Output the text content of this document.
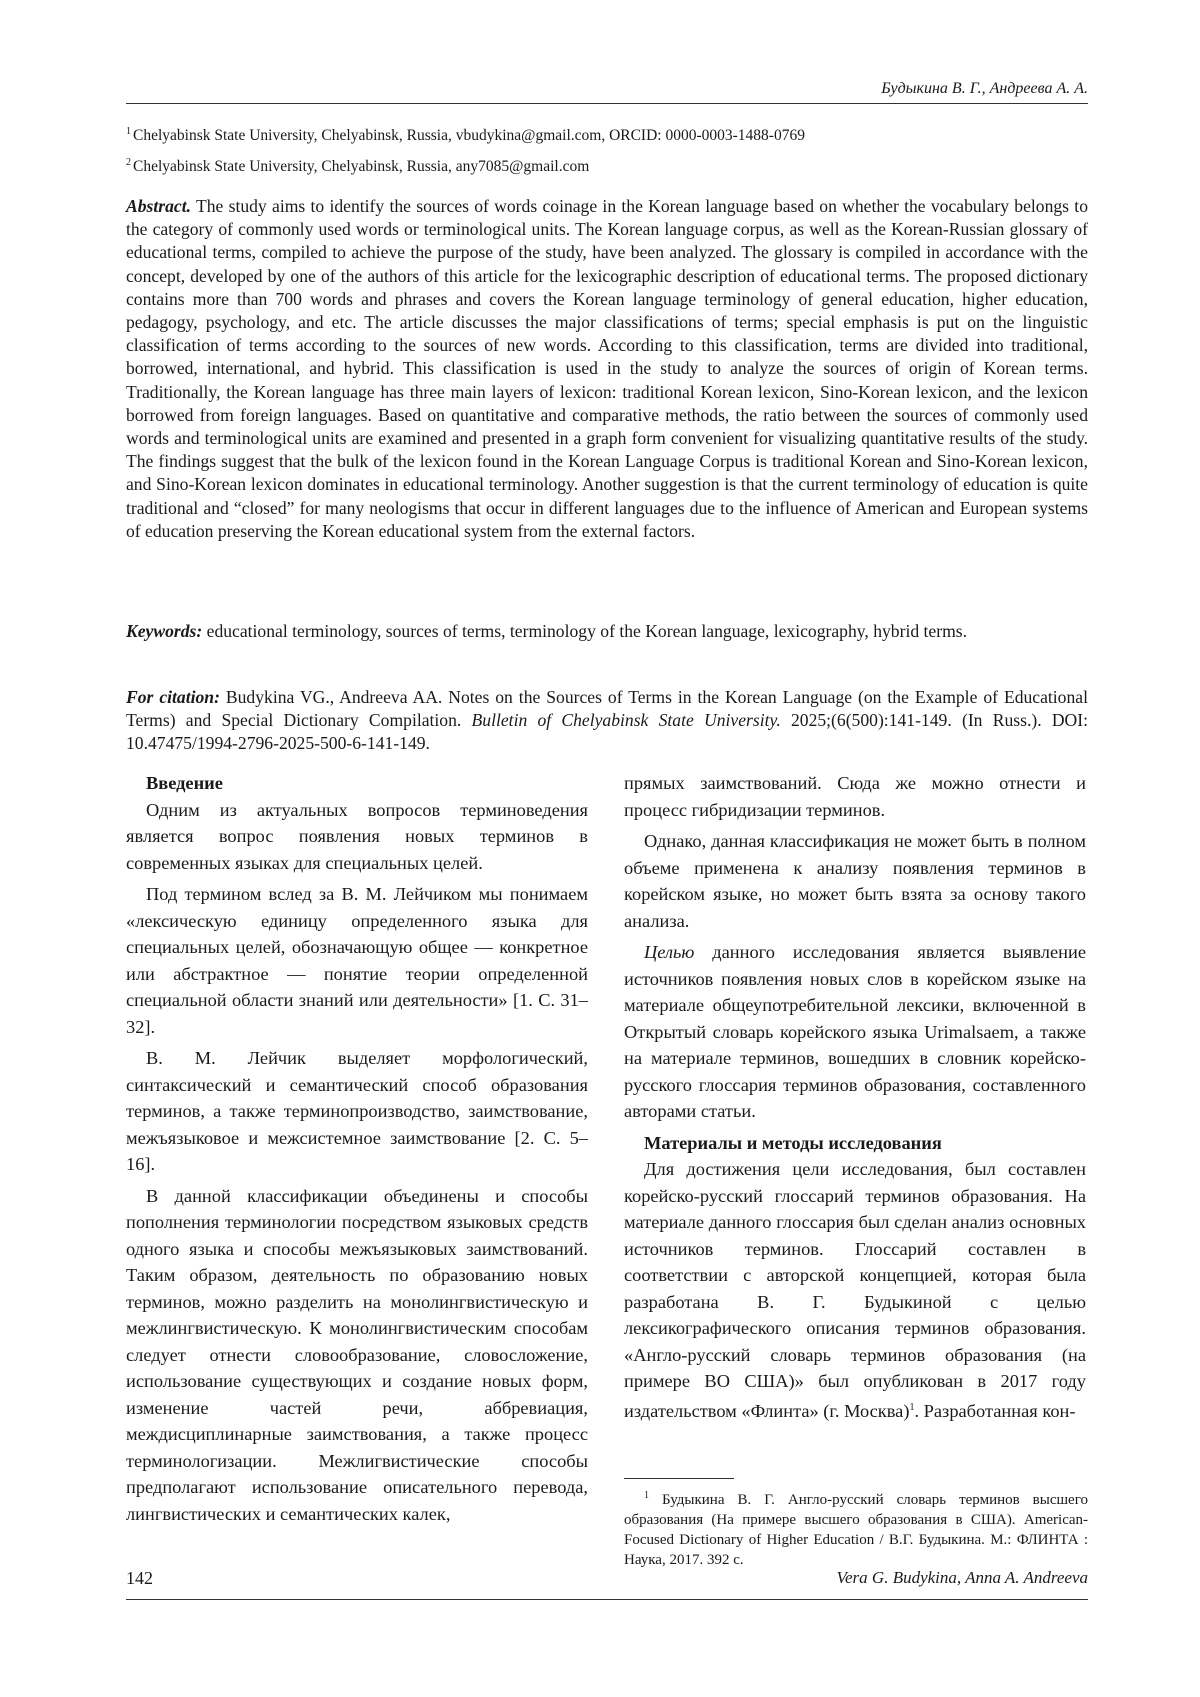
Будыкина В. Г., Андреева А. А.
$^1$ Chelyabinsk State University, Chelyabinsk, Russia, vbudykina@gmail.com, ORCID: 0000-0003-1488-0769
$^2$ Chelyabinsk State University, Chelyabinsk, Russia, any7085@gmail.com

Abstract. The study aims to identify the sources of words coinage in the Korean language based on whether the vocabulary belongs to the category of commonly used words or terminological units. The Korean language corpus, as well as the Korean-Russian glossary of educational terms, compiled to achieve the purpose of the study, have been analyzed. The glossary is compiled in accordance with the concept, developed by one of the authors of this article for the lexicographic description of educational terms. The proposed dictionary contains more than 700 words and phrases and covers the Korean language terminology of general education, higher education, pedagogy, psychology, and etc. The article discusses the major classifications of terms; special emphasis is put on the linguistic classification of terms according to the sources of new words. According to this classification, terms are divided into traditional, borrowed, international, and hybrid. This classification is used in the study to analyze the sources of origin of Korean terms. Traditionally, the Korean language has three main layers of lexicon: traditional Korean lexicon, Sino-Korean lexicon, and the lexicon borrowed from foreign languages. Based on quantitative and comparative methods, the ratio between the sources of commonly used words and terminological units are examined and presented in a graph form convenient for visualizing quantitative results of the study. The findings suggest that the bulk of the lexicon found in the Korean Language Corpus is traditional Korean and Sino-Korean lexicon, and Sino-Korean lexicon dominates in educational terminology. Another suggestion is that the current terminology of education is quite traditional and “closed” for many neologisms that occur in different languages due to the influence of American and European systems of education preserving the Korean educational system from the external factors.

Keywords: educational terminology, sources of terms, terminology of the Korean language, lexicography, hybrid terms.

For citation: Budykina VG., Andreeva AA. Notes on the Sources of Terms in the Korean Language (on the Example of Educational Terms) and Special Dictionary Compilation. Bulletin of Chelyabinsk State University. 2025;(6(500):141-149. (In Russ.). DOI: 10.47475/1994-2796-2025-500-6-141-149.

Введение

Одним из актуальных вопросов терминоведения является вопрос появления новых терминов в современных языках для специальных целей.

Под термином вслед за В. М. Лейчиком мы понимаем «лексическую единицу определенного языка для специальных целей, обозначающую общее — конкретное или абстрактное — понятие теории определенной специальной области знаний или деятельности» [1. С. 31–32].

В. М. Лейчик выделяет морфологический, синтаксический и семантический способ образования терминов, а также терминопроизводство, заимствование, межъязыковое и межсистемное заимствование [2. С. 5–16].

В данной классификации объединены и способы пополнения терминологии посредством языковых средств одного языка и способы межъязыковых заимствований. Таким образом, деятельность по образованию новых терминов, можно разделить на монолингвистическую и межлингвистическую. К монолингвистическим способам следует отнести словообразование, словосложение, использование существующих и создание новых форм, изменение частей речи, аббревиация, междисциплинарные заимствования, а также процесс терминологизации. Межлигвистические способы предполагают использование описательного перевода, лингвистических и семантических калек,

прямых заимствований. Сюда же можно отнести и процесс гибридизации терминов.

Однако, данная классификация не может быть в полном объеме применена к анализу появления терминов в корейском языке, но может быть взята за основу такого анализа.

Целью данного исследования является выявление источников появления новых слов в корейском языке на материале общеупотребительной лексики, включенной в Открытый словарь корейского языка Urimalsaem, а также на материале терминов, вошедших в словник корейско-русского глоссария терминов образования, составленного авторами статьи.

Материалы и методы исследования

Для достижения цели исследования, был составлен корейско-русский глоссарий терминов образования. На материале данного глоссария был сделан анализ основных источников терминов. Глоссарий составлен в соответствии с авторской концепцией, которая была разработана В. Г. Будыкиной с целью лексикографического описания терминов образования. «Англо-русский словарь терминов образования (на примере ВО США)» был опубликован в 2017 году издательством «Флинта» (г. Москва)$^1$. Разработанная кон-

$^1$ Будыкина В. Г. Англо-русский словарь терминов высшего образования (На примере высшего образования в США). American-Focused Dictionary of Higher Education / В.Г. Будыкина. М.: ФЛИНТА : Наука, 2017. 392 с.

142	Vera G. Budykina, Anna A. Andreeva
